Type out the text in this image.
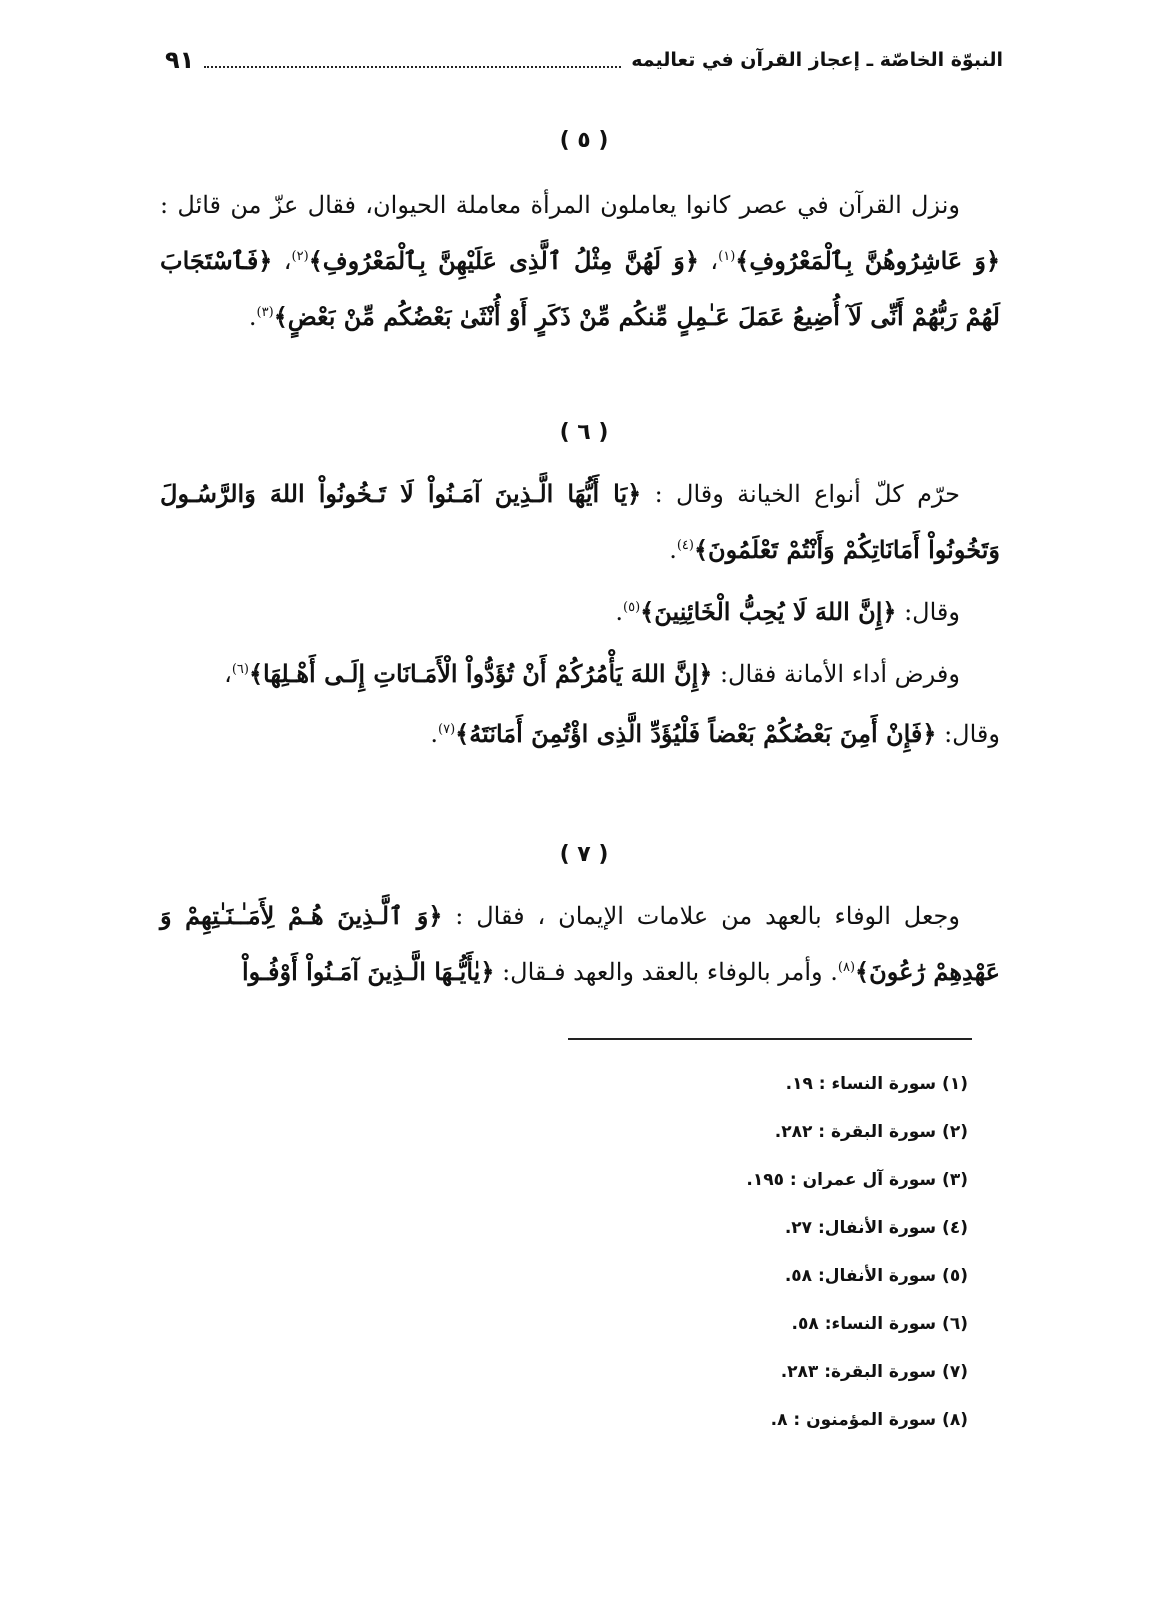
النبوّة الخاصّة ـ إعجاز القرآن في تعاليمه
٩١
( ٥ )
ونزل القرآن في عصر كانوا يعاملون المرأة معاملة الحيوان، فقال عزّ من قائل : ﴿وَ عَاشِرُوهُنَّ بِٱلْمَعْرُوفِ﴾$^{(١)}$، ﴿وَ لَهُنَّ مِثْلُ ٱلَّذِى عَلَيْهِنَّ بِٱلْمَعْرُوفِ﴾$^{(٢)}$، ﴿فَٱسْتَجَابَ لَهُمْ رَبُّهُمْ أَنِّى لَآ أُضِيعُ عَمَلَ عَـٰمِلٍ مِّنكُم مِّنْ ذَكَرٍ أَوْ أُنْثَىٰ بَعْضُكُم مِّنْ بَعْضٍ﴾$^{(٣)}$.
( ٦ )
حرّم كلّ أنواع الخيانة وقال : ﴿يَا أَيُّهَا الَّـذِينَ آمَـنُواْ لَا تَـخُونُواْ اللهَ وَالرَّسُـولَ وَتَخُونُواْ أَمَانَاتِكُمْ وَأَنْتُمْ تَعْلَمُونَ﴾$^{(٤)}$.
وقال: ﴿إِنَّ اللهَ لَا يُحِبُّ الْخَائِنِينَ﴾$^{(٥)}$.
وفرض أداء الأمانة فقال: ﴿إِنَّ اللهَ يَأْمُرُكُمْ أَنْ تُؤَدُّواْ الْأَمَـانَاتِ إِلَـى أَهْـلِهَا﴾$^{(٦)}$،
وقال: ﴿فَإِنْ أَمِنَ بَعْضُكُمْ بَعْضاً فَلْيُؤَدِّ الَّذِى اؤْتُمِنَ أَمَانَتَهُ﴾$^{(٧)}$.
( ٧ )
وجعل الوفاء بالعهد من علامات الإيمان ، فقال : ﴿وَ ٱلَّـذِينَ هُـمْ لِأَمَـٰـنَـٰتِهِمْ وَ عَهْدِهِمْ رَٰعُونَ﴾$^{(٨)}$. وأمر بالوفاء بالعقد والعهد فـقال: ﴿يٰأَيُّـهَا الَّـذِينَ آمَـنُواْ أَوْفُـواْ
(١) سورة النساء : ١٩.
(٢) سورة البقرة : ٢٨٢.
(٣) سورة آل عمران : ١٩٥.
(٤) سورة الأنفال: ٢٧.
(٥) سورة الأنفال: ٥٨.
(٦) سورة النساء: ٥٨.
(٧) سورة البقرة: ٢٨٣.
(٨) سورة المؤمنون : ٨.
